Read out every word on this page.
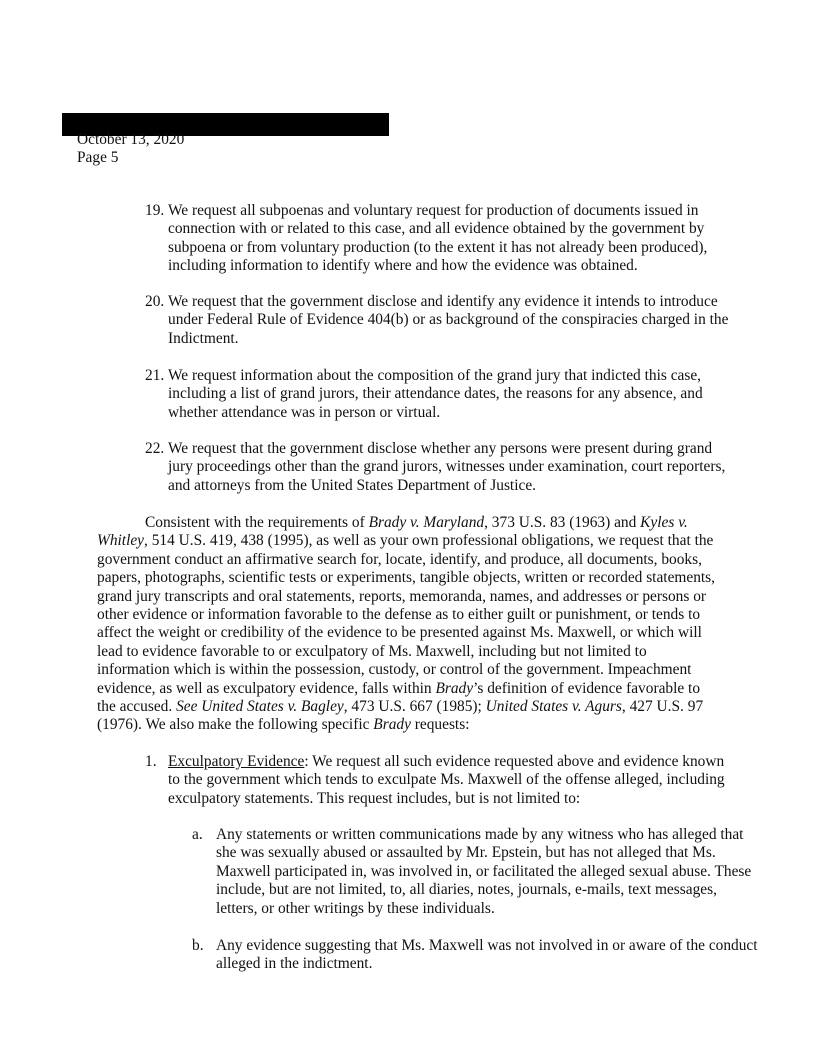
October 13, 2020
Page 5
19. We request all subpoenas and voluntary request for production of documents issued in connection with or related to this case, and all evidence obtained by the government by subpoena or from voluntary production (to the extent it has not already been produced), including information to identify where and how the evidence was obtained.
20. We request that the government disclose and identify any evidence it intends to introduce under Federal Rule of Evidence 404(b) or as background of the conspiracies charged in the Indictment.
21. We request information about the composition of the grand jury that indicted this case, including a list of grand jurors, their attendance dates, the reasons for any absence, and whether attendance was in person or virtual.
22. We request that the government disclose whether any persons were present during grand jury proceedings other than the grand jurors, witnesses under examination, court reporters, and attorneys from the United States Department of Justice.
Consistent with the requirements of Brady v. Maryland, 373 U.S. 83 (1963) and Kyles v. Whitley, 514 U.S. 419, 438 (1995), as well as your own professional obligations, we request that the government conduct an affirmative search for, locate, identify, and produce, all documents, books, papers, photographs, scientific tests or experiments, tangible objects, written or recorded statements, grand jury transcripts and oral statements, reports, memoranda, names, and addresses or persons or other evidence or information favorable to the defense as to either guilt or punishment, or tends to affect the weight or credibility of the evidence to be presented against Ms. Maxwell, or which will lead to evidence favorable to or exculpatory of Ms. Maxwell, including but not limited to information which is within the possession, custody, or control of the government. Impeachment evidence, as well as exculpatory evidence, falls within Brady’s definition of evidence favorable to the accused. See United States v. Bagley, 473 U.S. 667 (1985); United States v. Agurs, 427 U.S. 97 (1976). We also make the following specific Brady requests:
1. Exculpatory Evidence: We request all such evidence requested above and evidence known to the government which tends to exculpate Ms. Maxwell of the offense alleged, including exculpatory statements. This request includes, but is not limited to:
a. Any statements or written communications made by any witness who has alleged that she was sexually abused or assaulted by Mr. Epstein, but has not alleged that Ms. Maxwell participated in, was involved in, or facilitated the alleged sexual abuse. These include, but are not limited, to, all diaries, notes, journals, e-mails, text messages, letters, or other writings by these individuals.
b. Any evidence suggesting that Ms. Maxwell was not involved in or aware of the conduct alleged in the indictment.
